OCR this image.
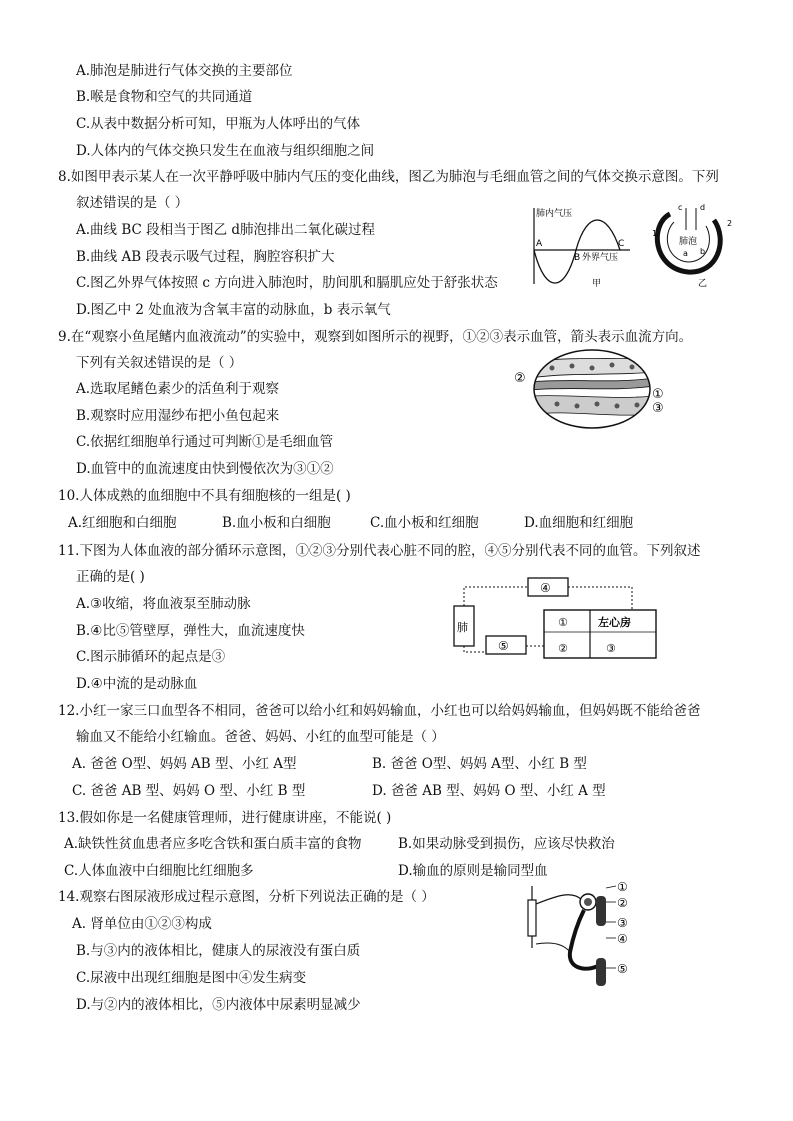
A.肺泡是肺进行气体交换的主要部位
B.喉是食物和空气的共同通道
C.从表中数据分析可知，甲瓶为人体呼出的气体
D.人体内的气体交换只发生在血液与组织细胞之间
8.如图甲表示某人在一次平静呼吸中肺内气压的变化曲线，图乙为肺泡与毛细血管之间的气体交换示意图。下列
叙述错误的是（ ）
A.曲线 BC 段相当于图乙 d肺泡排出二氧化碳过程
B.曲线 AB 段表示吸气过程，胸腔容积扩大
C.图乙外界气体按照 c 方向进入肺泡时，肋间肌和膈肌应处于舒张状态
D.图乙中 2 处血液为含氧丰富的动脉血，b 表示氧气
肺内气压
外界气压
A
B
C
甲
肺泡
1
2
c d
a b
乙
9.在“观察小鱼尾鳍内血液流动”的实验中，观察到如图所示的视野，①②③表示血管，箭头表示血流方向。
下列有关叙述错误的是（ ）
A.选取尾鳍色素少的活鱼利于观察
B.观察时应用湿纱布把小鱼包起来
C.依据红细胞单行通过可判断①是毛细血管
D.血管中的血流速度由快到慢依次为③①②
②
①
③
10.人体成熟的血细胞中不具有细胞核的一组是( )
A.红细胞和白细胞	B.血小板和白细胞	C.血小板和红细胞	D.血细胞和红细胞
11.下图为人体血液的部分循环示意图，①②③分别代表心脏不同的腔，④⑤分别代表不同的血管。下列叙述
正确的是( )
A.③收缩，将血液泵至肺动脉
B.④比⑤管壁厚，弹性大，血流速度快
C.图示肺循环的起点是③
D.④中流的是动脉血
肺
④
⑤
①
②
左心房
③
12.小红一家三口血型各不相同，爸爸可以给小红和妈妈输血，小红也可以给妈妈输血，但妈妈既不能给爸爸
输血又不能给小红输血。爸爸、妈妈、小红的血型可能是（ ）
A. 爸爸 O型、妈妈 AB 型、小红 A型	B. 爸爸 O型、妈妈 A型、小红 B 型
C. 爸爸 AB 型、妈妈 O 型、小红 B 型	D. 爸爸 AB 型、妈妈 O 型、小红 A 型
13.假如你是一名健康管理师，进行健康讲座，不能说( )
A.缺铁性贫血患者应多吃含铁和蛋白质丰富的食物	B.如果动脉受到损伤，应该尽快救治
C.人体血液中白细胞比红细胞多	D.输血的原则是输同型血
14.观察右图尿液形成过程示意图，分析下列说法正确的是（ ）
A. 肾单位由①②③构成
B.与③内的液体相比，健康人的尿液没有蛋白质
C.尿液中出现红细胞是图中④发生病变
D.与②内的液体相比，⑤内液体中尿素明显减少
①
②
③
④
⑤
